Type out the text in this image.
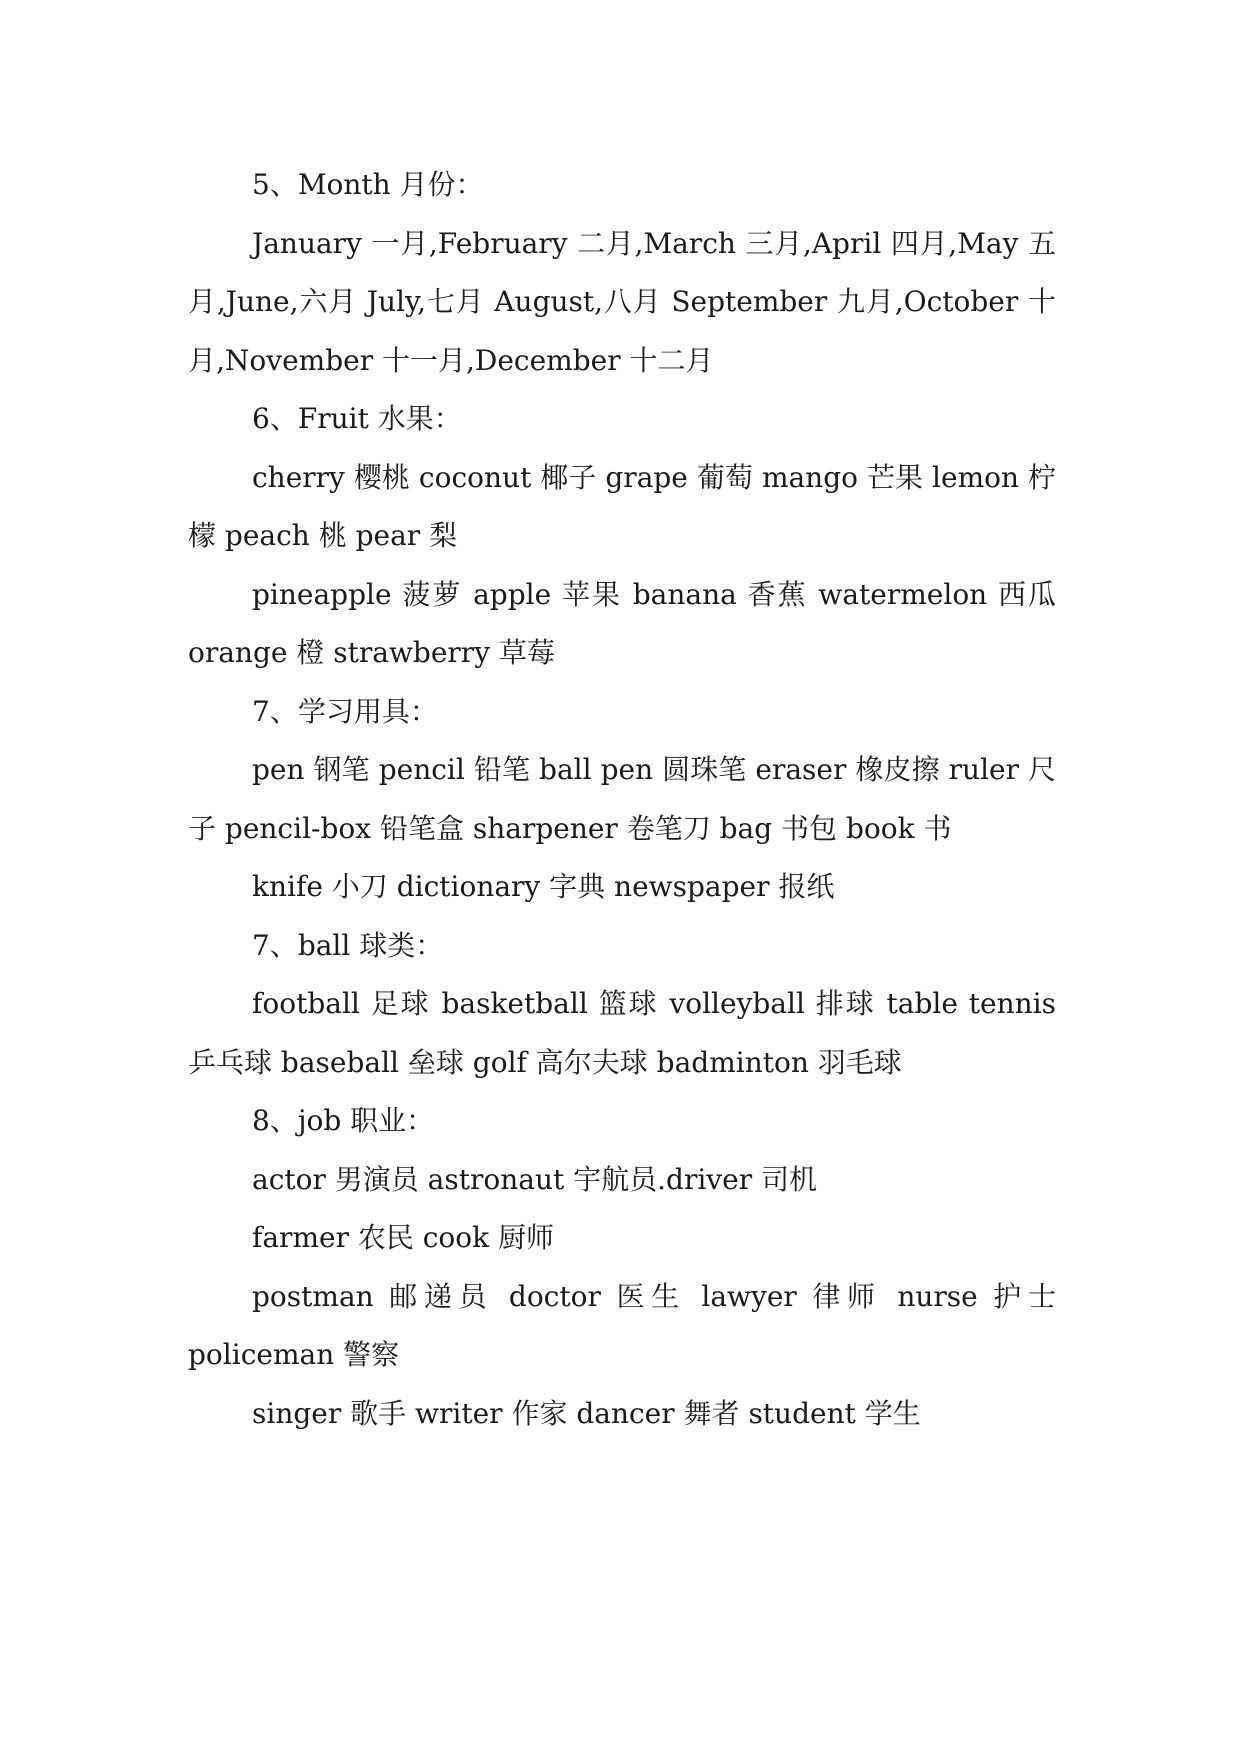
5、Month 月份：

January 一月,February 二月,March 三月,April 四月,May 五月,June,六月 July,七月 August,八月 September 九月,October 十月,November 十一月,December 十二月

6、Fruit 水果：

cherry 樱桃 coconut 椰子 grape 葡萄 mango 芒果 lemon 柠檬 peach 桃 pear 梨

pineapple 菠萝 apple 苹果 banana 香蕉 watermelon 西瓜 orange 橙 strawberry 草莓

7、学习用具：

pen 钢笔 pencil 铅笔 ball pen 圆珠笔 eraser 橡皮擦 ruler 尺子 pencil-box 铅笔盒 sharpener 卷笔刀 bag 书包 book 书

knife 小刀 dictionary 字典 newspaper 报纸

7、ball 球类：

football 足球 basketball 篮球 volleyball 排球 table tennis 乒乓球 baseball 垒球 golf 高尔夫球 badminton 羽毛球

8、job 职业：

actor 男演员 astronaut 宇航员.driver 司机

farmer 农民 cook 厨师

postman 邮递员 doctor 医生 lawyer 律师 nurse 护士 policeman 警察

singer 歌手 writer 作家 dancer 舞者 student 学生
